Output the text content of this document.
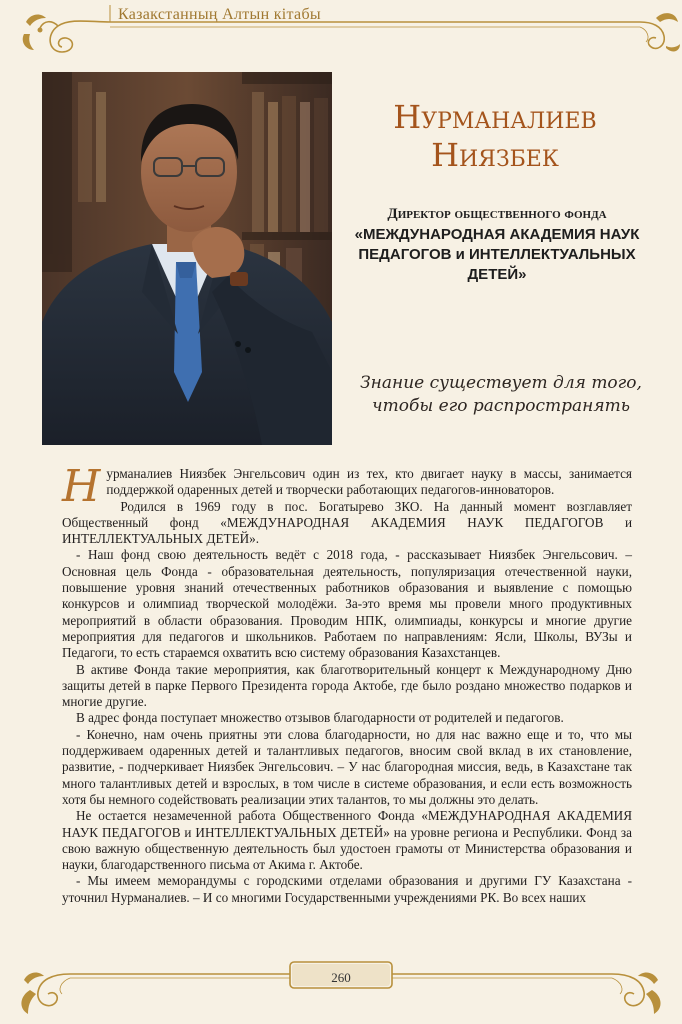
Казакстанның Алтын кітабы
Нурманалиев
Ниязбек
Директор общественного фонда
«МЕЖДУНАРОДНАЯ АКАДЕМИЯ НАУК ПЕДАГОГОВ и ИНТЕЛЛЕКТУАЛЬНЫХ ДЕТЕЙ»
Знание существует для того,
чтобы его распространять

Нурманалиев Ниязбек Энгельсович один из тех, кто двигает науку в массы, занимается поддержкой одаренных детей и творчески работающих педагогов-инноваторов.

Родился в 1969 году в пос. Богатырево ЗКО. На данный момент возглавляет Общественный фонд «МЕЖДУНАРОДНАЯ АКАДЕМИЯ НАУК ПЕДАГОГОВ и ИНТЕЛЛЕКТУАЛЬНЫХ ДЕТЕЙ».

- Наш фонд свою деятельность ведёт с 2018 года, - рассказывает Ниязбек Энгельсович. – Основная цель Фонда - образовательная деятельность, популяризация отечественной науки, повышение уровня знаний отечественных работников образования и выявление с помощью конкурсов и олимпиад творческой молодёжи. За-это время мы провели много продуктивных мероприятий в области образования. Проводим НПК, олимпиады, конкурсы и многие другие мероприятия для педагогов и школьников. Работаем по направлениям: Ясли, Школы, ВУЗы и Педагоги, то есть стараемся охватить всю систему образования Казахстанцев.

В активе Фонда такие мероприятия, как благотворительный концерт к Международному Дню защиты детей в парке Первого Президента города Актобе, где было роздано множество подарков и многие другие.

В адрес фонда поступает множество отзывов благодарности от родителей и педагогов.

- Конечно, нам очень приятны эти слова благодарности, но для нас важно еще и то, что мы поддерживаем одаренных детей и талантливых педагогов, вносим свой вклад в их становление, развитие, - подчеркивает Ниязбек Энгельсович. – У нас благородная миссия, ведь, в Казахстане так много талантливых детей и взрослых, в том числе в системе образования, и если есть возможность хотя бы немного содействовать реализации этих талантов, то мы должны это делать.

Не остается незамеченной работа Общественного Фонда «МЕЖДУНАРОДНАЯ АКАДЕМИЯ НАУК ПЕДАГОГОВ и ИНТЕЛЛЕКТУАЛЬНЫХ ДЕТЕЙ» на уровне региона и Республики. Фонд за свою важную общественную деятельность был удостоен грамоты от Министерства образования и науки, благодарственного письма от Акима г. Актобе.

- Мы имеем меморандумы с городскими отделами образования и другими ГУ Казахстана - уточнил Нурманалиев. – И со многими Государственными учреждениями РК. Во всех наших

260
